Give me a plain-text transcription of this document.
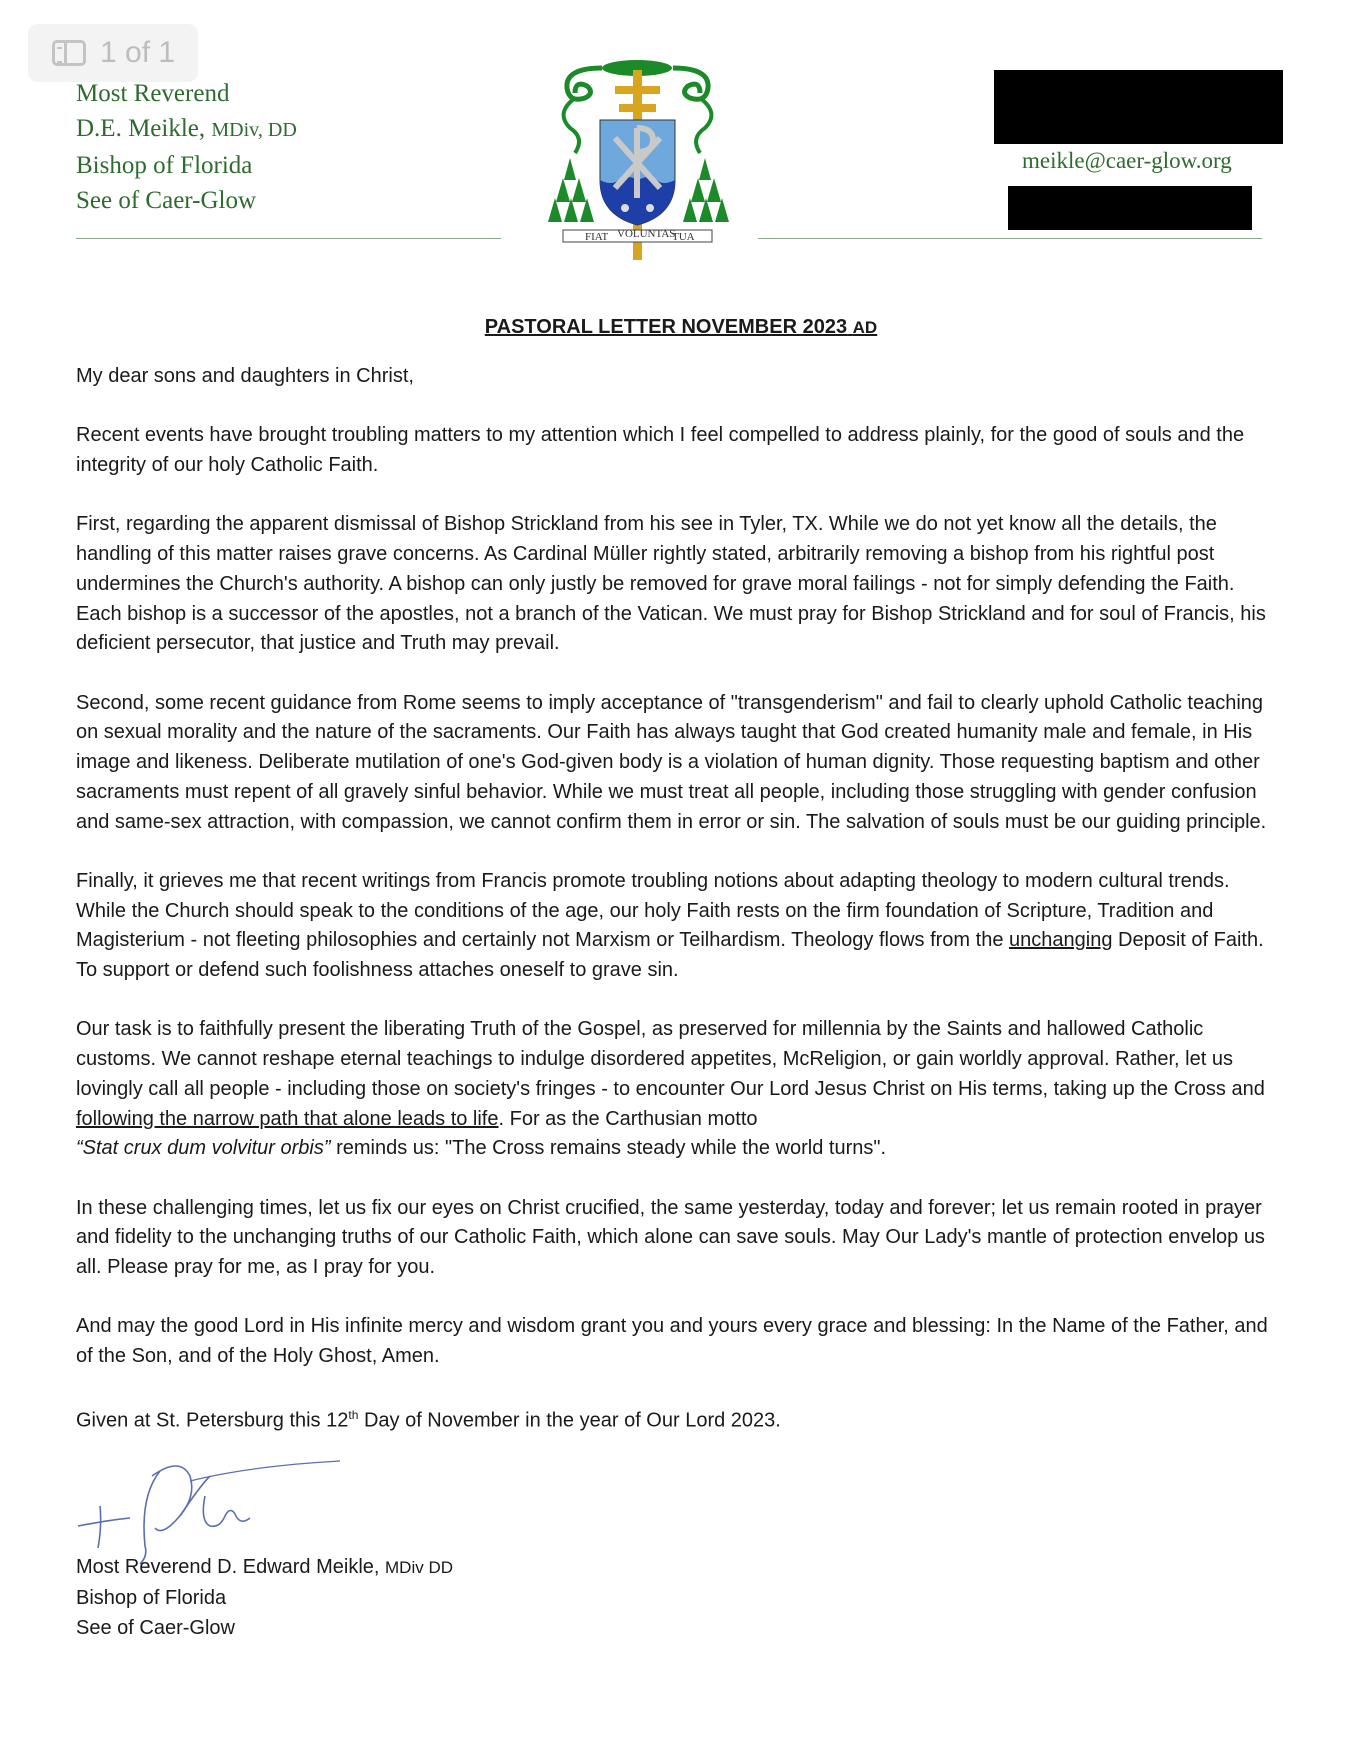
1 of 1
Most Reverend
D.E. Meikle, MDiv, DD
Bishop of Florida
See of Caer-Glow
meikle@caer-glow.org
FIAT VOLUNTAS
TUA
PASTORAL LETTER NOVEMBER 2023 AD

My dear sons and daughters in Christ,

Recent events have brought troubling matters to my attention which I feel compelled to address plainly, for the good of souls and the integrity of our holy Catholic Faith.

First, regarding the apparent dismissal of Bishop Strickland from his see in Tyler, TX. While we do not yet know all the details, the handling of this matter raises grave concerns. As Cardinal Müller rightly stated, arbitrarily removing a bishop from his rightful post undermines the Church's authority. A bishop can only justly be removed for grave moral failings - not for simply defending the Faith. Each bishop is a successor of the apostles, not a branch of the Vatican. We must pray for Bishop Strickland and for soul of Francis, his deficient persecutor, that justice and Truth may prevail.

Second, some recent guidance from Rome seems to imply acceptance of "transgenderism" and fail to clearly uphold Catholic teaching on sexual morality and the nature of the sacraments. Our Faith has always taught that God created humanity male and female, in His image and likeness. Deliberate mutilation of one's God-given body is a violation of human dignity. Those requesting baptism and other sacraments must repent of all gravely sinful behavior. While we must treat all people, including those struggling with gender confusion and same-sex attraction, with compassion, we cannot confirm them in error or sin. The salvation of souls must be our guiding principle.

Finally, it grieves me that recent writings from Francis promote troubling notions about adapting theology to modern cultural trends. While the Church should speak to the conditions of the age, our holy Faith rests on the firm foundation of Scripture, Tradition and Magisterium - not fleeting philosophies and certainly not Marxism or Teilhardism. Theology flows from the unchanging Deposit of Faith. To support or defend such foolishness attaches oneself to grave sin.

Our task is to faithfully present the liberating Truth of the Gospel, as preserved for millennia by the Saints and hallowed Catholic customs. We cannot reshape eternal teachings to indulge disordered appetites, McReligion, or gain worldly approval. Rather, let us lovingly call all people - including those on society's fringes - to encounter Our Lord Jesus Christ on His terms, taking up the Cross and following the narrow path that alone leads to life. For as the Carthusian motto
“Stat crux dum volvitur orbis” reminds us: "The Cross remains steady while the world turns".

In these challenging times, let us fix our eyes on Christ crucified, the same yesterday, today and forever; let us remain rooted in prayer and fidelity to the unchanging truths of our Catholic Faith, which alone can save souls. May Our Lady's mantle of protection envelop us all. Please pray for me, as I pray for you.

And may the good Lord in His infinite mercy and wisdom grant you and yours every grace and blessing: In the Name of the Father, and of the Son, and of the Holy Ghost, Amen.

Given at St. Petersburg this 12th Day of November in the year of Our Lord 2023.

Most Reverend D. Edward Meikle, MDiv DD
Bishop of Florida
See of Caer-Glow
